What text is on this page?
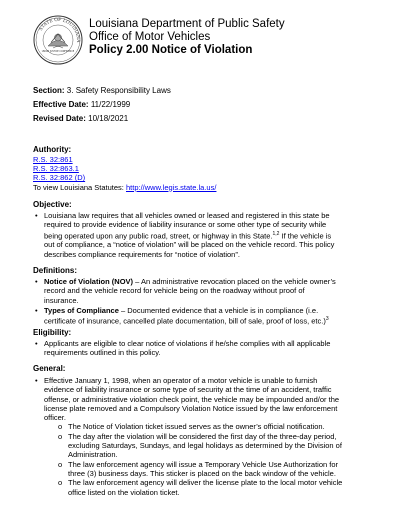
STATE OF LOUISIANA
UNION JUSTICE CONFIDENCE
Louisiana Department of Public Safety
Office of Motor Vehicles
Policy 2.00 Notice of Violation
Section: 3. Safety Responsibility Laws
Effective Date: 11/22/1999
Revised Date: 10/18/2021
Authority:
R.S. 32:861
R.S. 32:863.1
R.S. 32:862 (D)
To view Louisiana Statutes: http://www.legis.state.la.us/
Objective:
• Louisiana law requires that all vehicles owned or leased and registered in this state be
required to provide evidence of liability insurance or some other type of security while
being operated upon any public road, street, or highway in this State.$^{1,2}$ If the vehicle is
out of compliance, a “notice of violation” will be placed on the vehicle record. This policy
describes compliance requirements for “notice of violation”.
Definitions:
• Notice of Violation (NOV) – An administrative revocation placed on the vehicle owner’s
record and the vehicle record for vehicle being on the roadway without proof of
insurance.
• Types of Compliance – Documented evidence that a vehicle is in compliance (i.e.
certificate of insurance, cancelled plate documentation, bill of sale, proof of loss, etc.)$^3$
Eligibility:
• Applicants are eligible to clear notice of violations if he/she complies with all applicable
requirements outlined in this policy.
General:
• Effective January 1, 1998, when an operator of a motor vehicle is unable to furnish
evidence of liability insurance or some type of security at the time of an accident, traffic
offense, or administrative violation check point, the vehicle may be impounded and/or the
license plate removed and a Compulsory Violation Notice issued by the law enforcement
officer.
o The Notice of Violation ticket issued serves as the owner’s official notification.
o The day after the violation will be considered the first day of the three-day period,
excluding Saturdays, Sundays, and legal holidays as determined by the Division of
Administration.
o The law enforcement agency will issue a Temporary Vehicle Use Authorization for
three (3) business days. This sticker is placed on the back window of the vehicle.
o The law enforcement agency will deliver the license plate to the local motor vehicle
office listed on the violation ticket.
